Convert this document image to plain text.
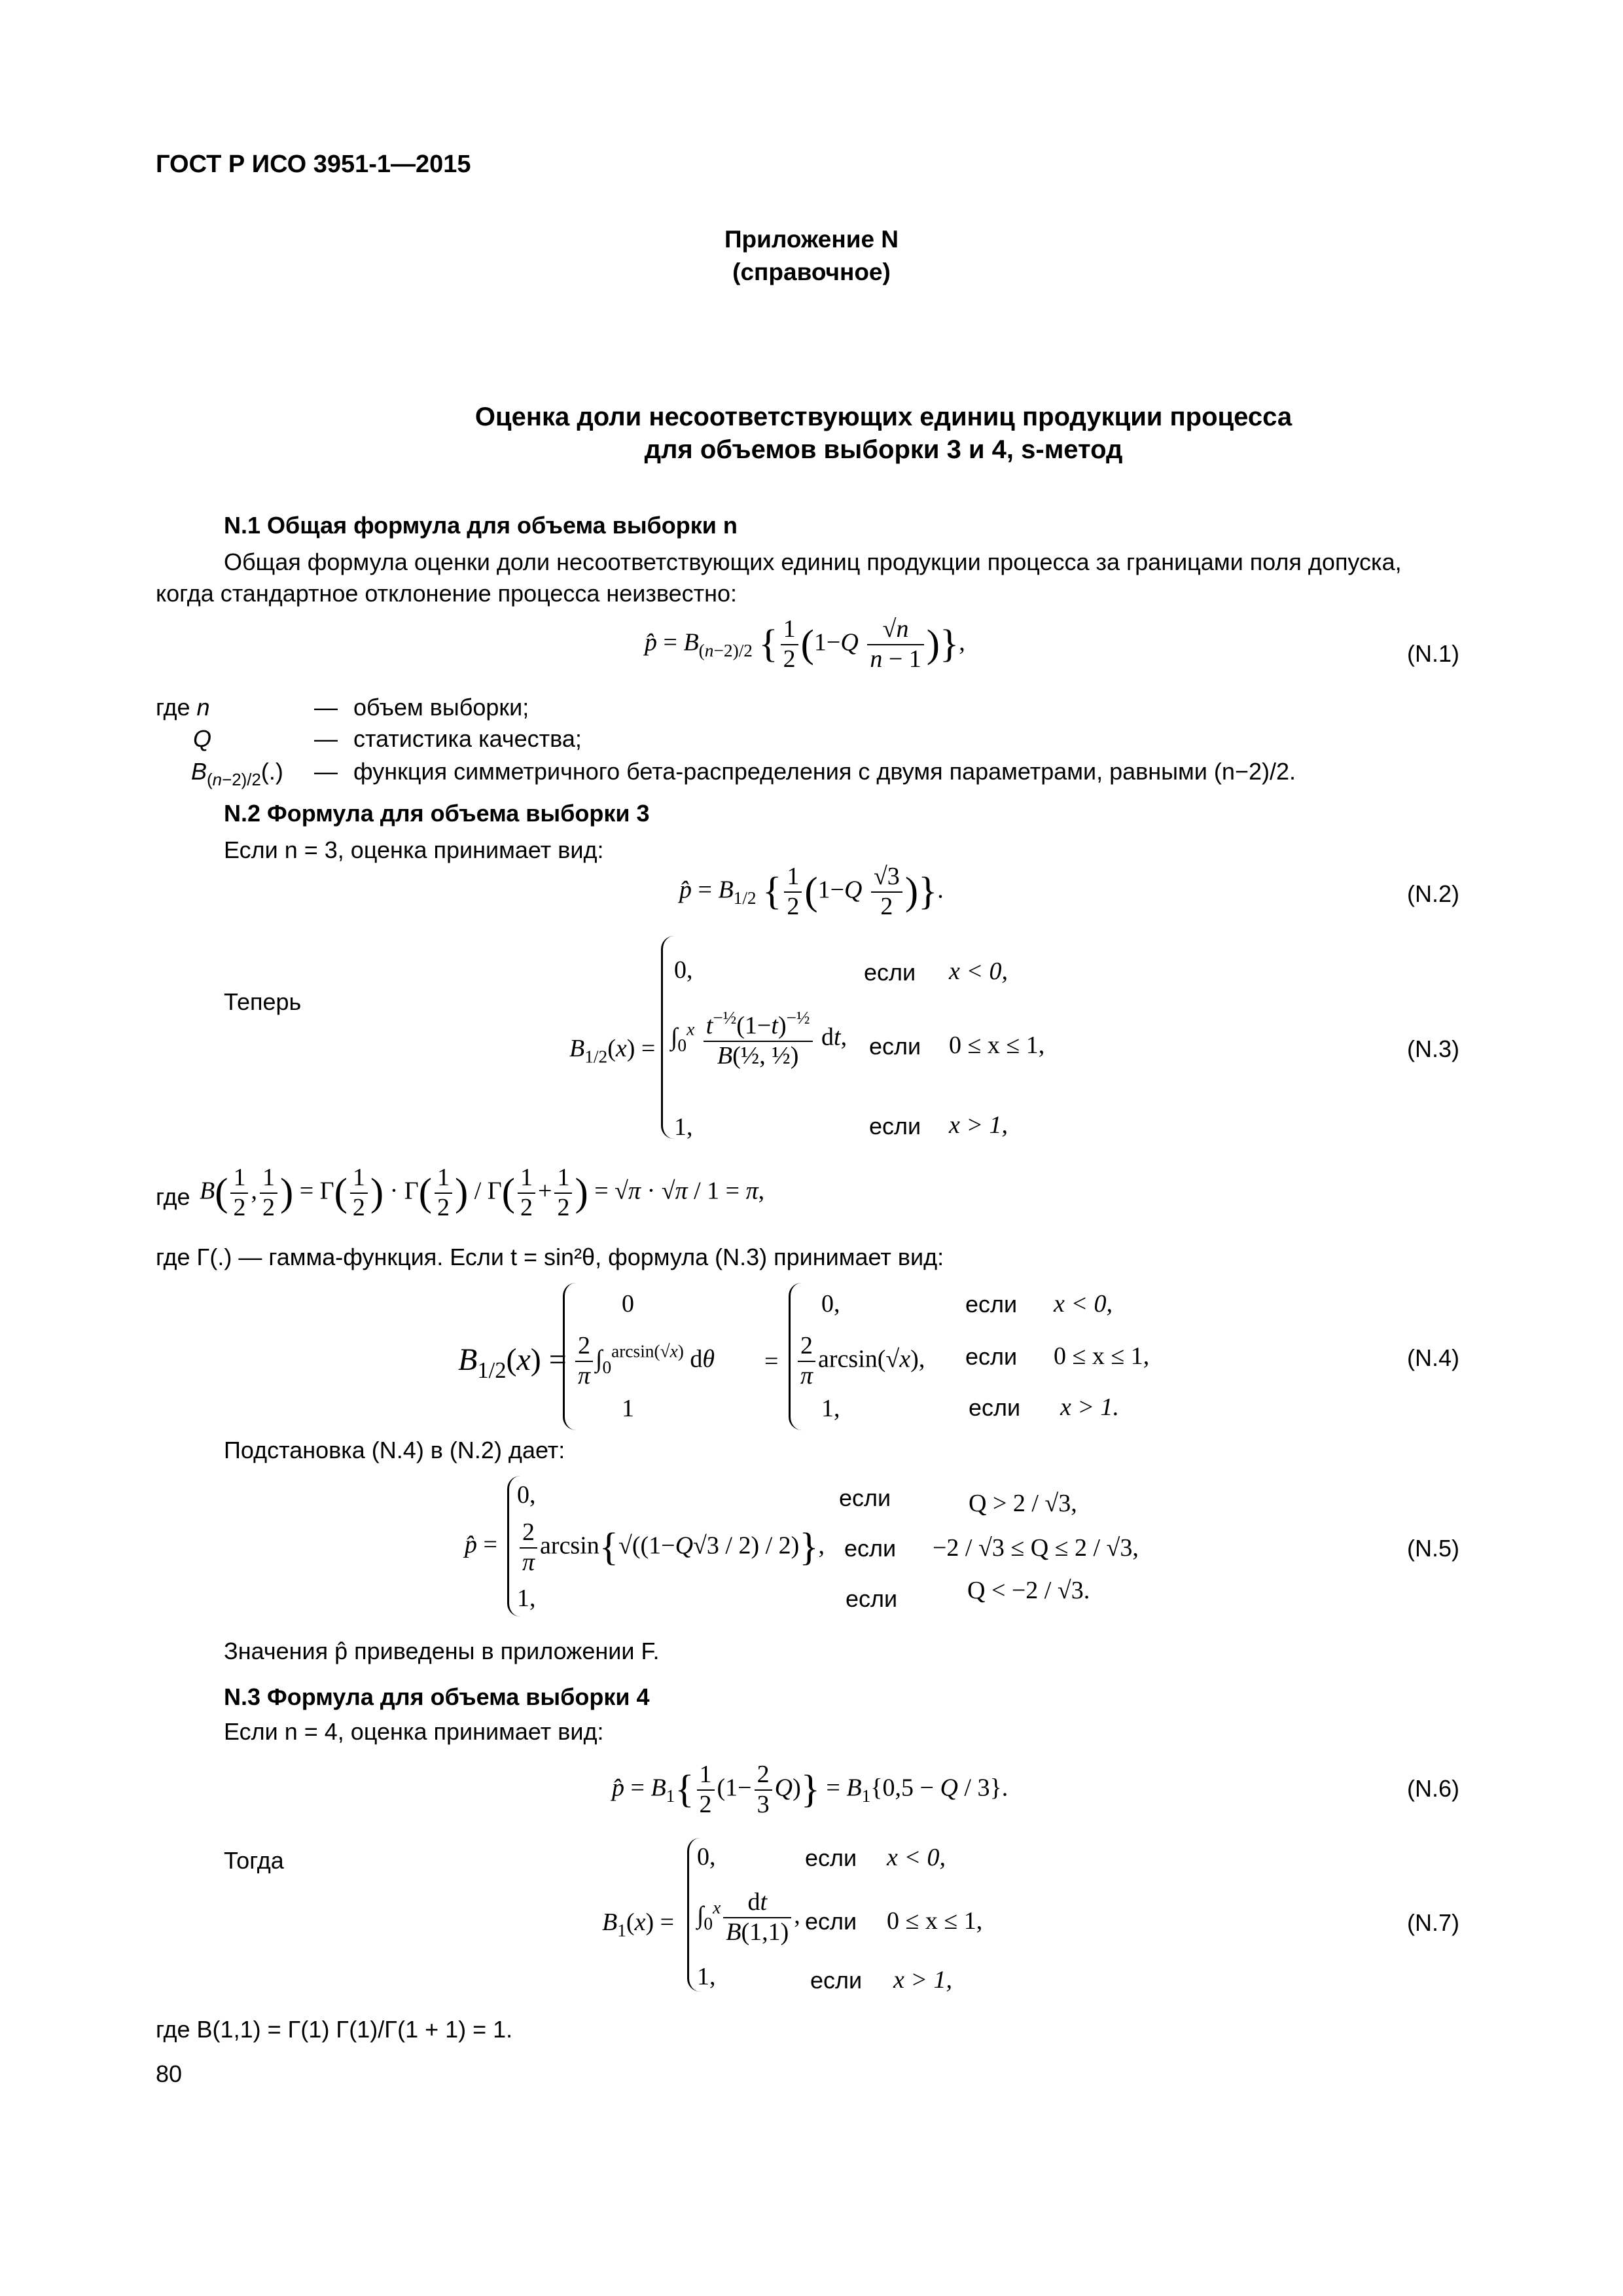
ГОСТ Р ИСО 3951-1—2015
Приложение N
(справочное)
Оценка доли несоответствующих единиц продукции процесса
для объемов выборки 3 и 4, s-метод
N.1 Общая формула для объема выборки n
Общая формула оценки доли несоответствующих единиц продукции процесса за границами поля допуска,
когда стандартное отклонение процесса неизвестно:
p̂ = $B_{(n-2)/2}$ { $\frac{1}{2} (1-Q \frac{√n}{n - 1}$ )},	(N.1)
где n	— объем выборки;
Q	— статистика качества;
$B_{(n-2)/2}(.)$ — функция симметричного бета-распределения с двумя параметрами, равными (n−2)/2.
N.2 Формула для объема выборки 3
Если n = 3, оценка принимает вид:
p̂ = $B_{1/2}$ { $\frac{1}{2} (1-Q \frac{√3}{2}$ )}.	(N.2)
Теперь
$B_{1/2}(x)$ =
0,
$\int_0^x \frac{t^{-\frac{1}{2}}(1-t)^{-\frac{1}{2}}}{\text{B(½, ½)}}$ dt,
1,
если x < 0,
если 0 ≤ x ≤ 1,
если x > 1,
(N.3)
где $B( \frac{1}{2}$ , $\frac{1}{2}$ ) = $\Gamma( \frac{1}{2}$ ) · $\Gamma( \frac{1}{2}$ ) / $\Gamma( \frac{1}{2} + \frac{1}{2}$ ) = √π · √π / 1 = π,
где Γ(.) — гамма-функция. Если t = sin²θ, формула (N.3) принимает вид:
$B_{1/2}(x)$ =
0
$\frac{2}{\pi} \int_0^{arcsin(√x)}$ dθ
1
=
0,
$\frac{2}{\pi} \arcsin(√x)$,
1,
если x < 0,
если 0 ≤ x ≤ 1,
если x > 1.
(N.4)
Подстановка (N.4) в (N.2) дает:
p̂ =
0,
$\frac{2}{\pi} \arcsin\{√((1-Q√3 / 2) / 2)\}$,
1,
если	Q > 2 / √3,
если −2 / √3 ≤ Q ≤ 2 / √3,
если	Q < −2 / √3.
(N.5)
Значения p̂ приведены в приложении F.
N.3 Формула для объема выборки 4
Если n = 4, оценка принимает вид:
p̂ = $B_1\{ \frac{1}{2} (1- \frac{2}{3} Q)\} = B_1\{0,5 - Q / 3\}$.	(N.6)
Тогда
$B_1(x)$ =
0,
$\int_0^x \frac{dt}{B(1,1)}$ ,
1,
если x < 0,
если 0 ≤ x ≤ 1,
если x > 1,
(N.7)
где B(1,1) = Γ(1) Γ(1)/Γ(1 + 1) = 1.
80
